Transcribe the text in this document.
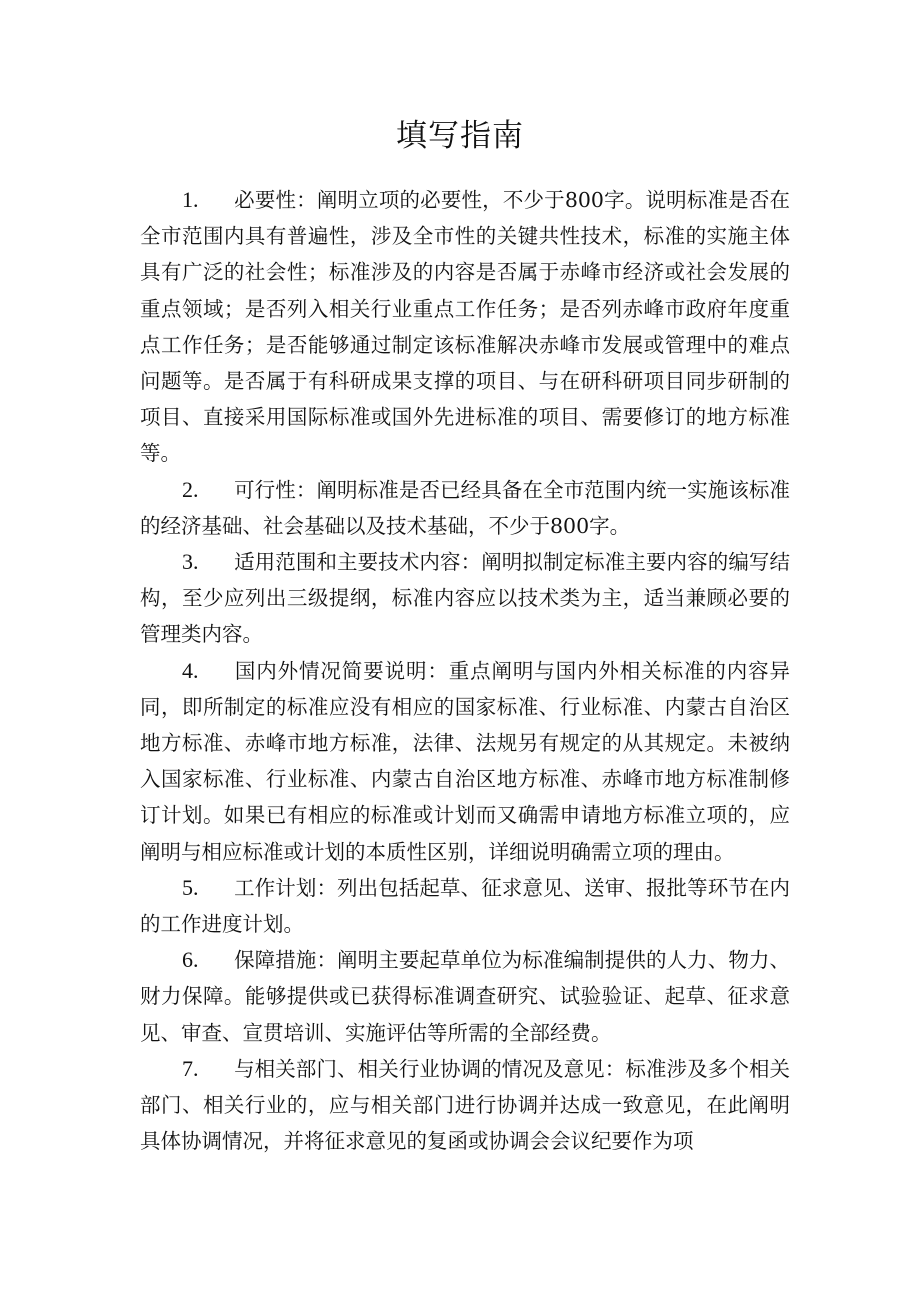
填写指南

1. 必要性：阐明立项的必要性，不少于800字。说明标准是否在全市范围内具有普遍性，涉及全市性的关键共性技术，标准的实施主体具有广泛的社会性；标准涉及的内容是否属于赤峰市经济或社会发展的重点领域；是否列入相关行业重点工作任务；是否列赤峰市政府年度重点工作任务；是否能够通过制定该标准解决赤峰市发展或管理中的难点问题等。是否属于有科研成果支撑的项目、与在研科研项目同步研制的项目、直接采用国际标准或国外先进标准的项目、需要修订的地方标准等。

2. 可行性：阐明标准是否已经具备在全市范围内统一实施该标准的经济基础、社会基础以及技术基础，不少于800字。

3. 适用范围和主要技术内容：阐明拟制定标准主要内容的编写结构，至少应列出三级提纲，标准内容应以技术类为主，适当兼顾必要的管理类内容。

4. 国内外情况简要说明：重点阐明与国内外相关标准的内容异同，即所制定的标准应没有相应的国家标准、行业标准、内蒙古自治区地方标准、赤峰市地方标准，法律、法规另有规定的从其规定。未被纳入国家标准、行业标准、内蒙古自治区地方标准、赤峰市地方标准制修订计划。如果已有相应的标准或计划而又确需申请地方标准立项的，应阐明与相应标准或计划的本质性区别，详细说明确需立项的理由。

5. 工作计划：列出包括起草、征求意见、送审、报批等环节在内的工作进度计划。

6. 保障措施：阐明主要起草单位为标准编制提供的人力、物力、财力保障。能够提供或已获得标准调查研究、试验验证、起草、征求意见、审查、宣贯培训、实施评估等所需的全部经费。

7. 与相关部门、相关行业协调的情况及意见：标准涉及多个相关部门、相关行业的，应与相关部门进行协调并达成一致意见，在此阐明具体协调情况，并将征求意见的复函或协调会会议纪要作为项
